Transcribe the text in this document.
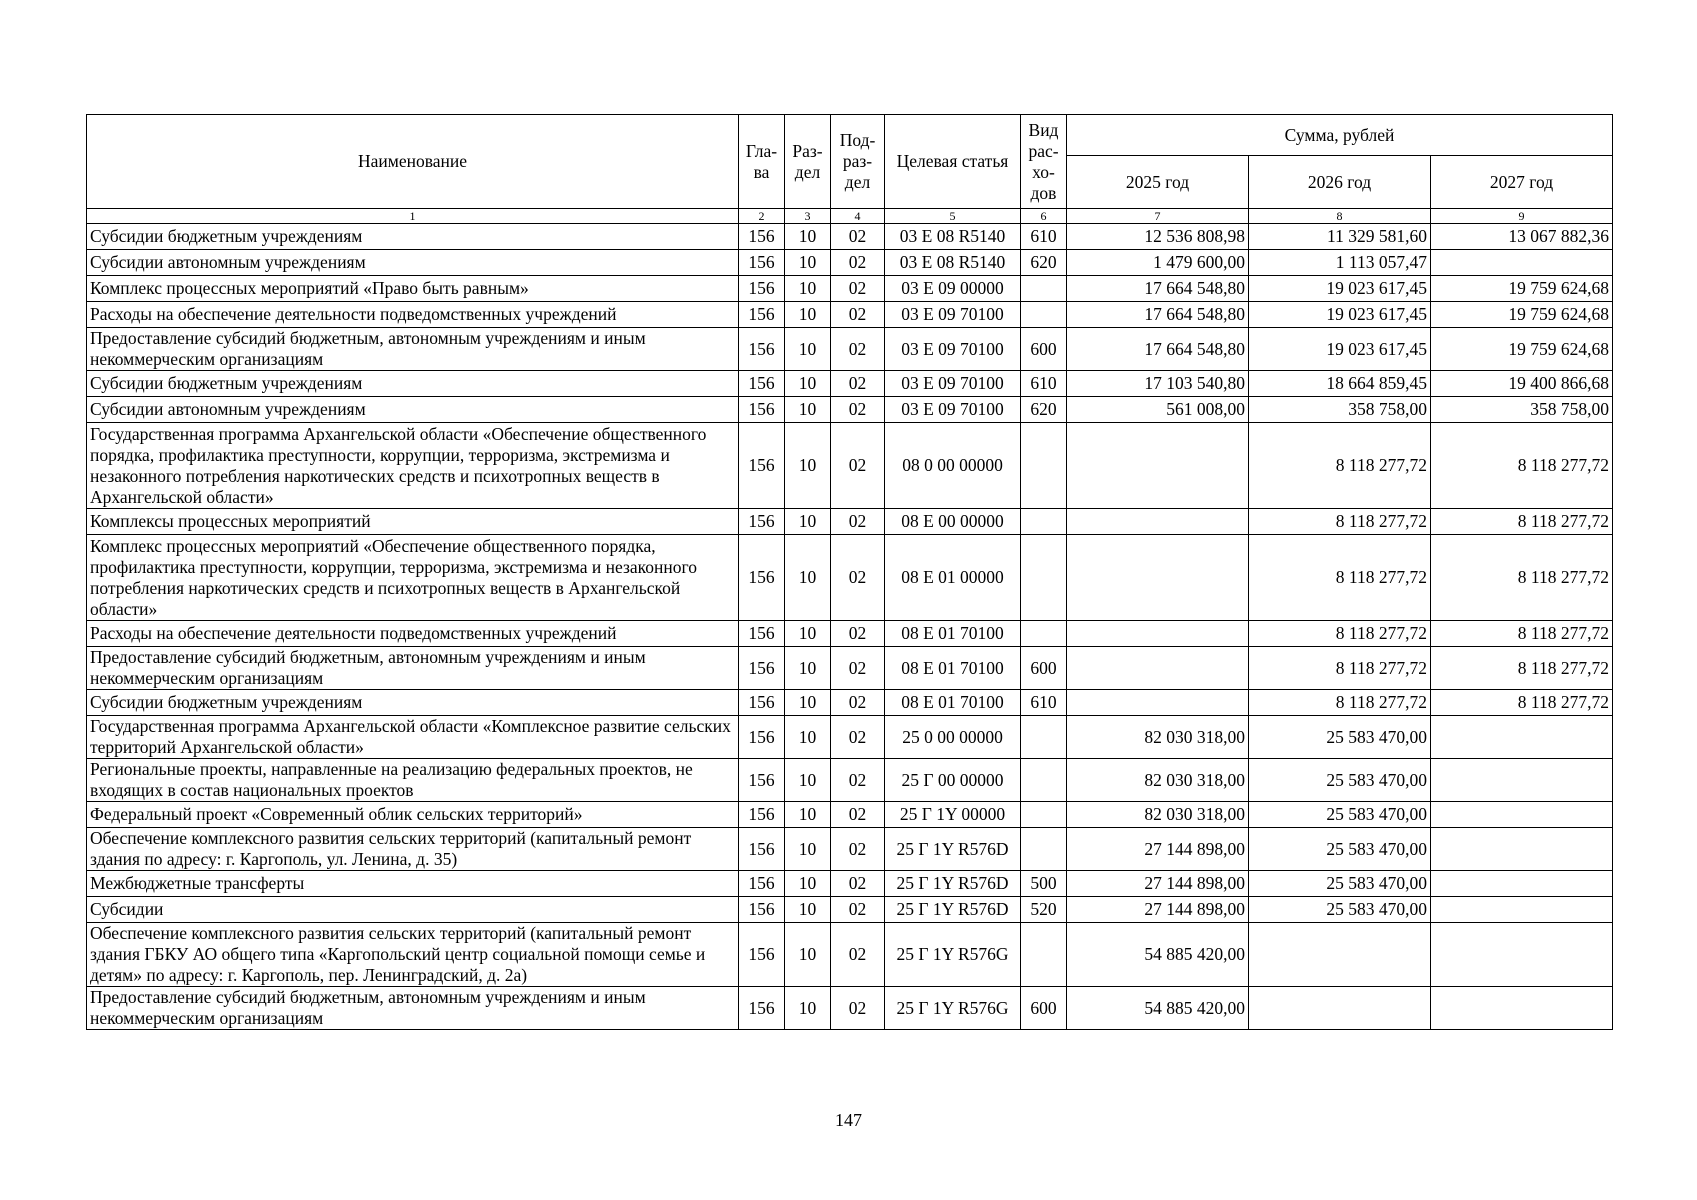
Наименование	Гла-ва	Раз-дел	Под-раз-дел	Целевая статья	Вид рас-хо-дов	Сумма, рублей		
						2025 год	2026 год	2027 год
1	2	3	4	5	6	7	8	9
Субсидии бюджетным учреждениям	156	10	02	03 Е 08 R5140	610	12 536 808,98	11 329 581,60	13 067 882,36
Субсидии автономным учреждениям	156	10	02	03 Е 08 R5140	620	1 479 600,00	1 113 057,47	
Комплекс процессных мероприятий «Право быть равным»	156	10	02	03 Е 09 00000		17 664 548,80	19 023 617,45	19 759 624,68
Расходы на обеспечение деятельности подведомственных учреждений	156	10	02	03 Е 09 70100		17 664 548,80	19 023 617,45	19 759 624,68
Предоставление субсидий бюджетным, автономным учреждениям и иным некоммерческим организациям	156	10	02	03 Е 09 70100	600	17 664 548,80	19 023 617,45	19 759 624,68
Субсидии бюджетным учреждениям	156	10	02	03 Е 09 70100	610	17 103 540,80	18 664 859,45	19 400 866,68
Субсидии автономным учреждениям	156	10	02	03 Е 09 70100	620	561 008,00	358 758,00	358 758,00
Государственная программа Архангельской области «Обеспечение общественного порядка, профилактика преступности, коррупции, терроризма, экстремизма и незаконного потребления наркотических средств и психотропных веществ в Архангельской области»	156	10	02	08 0 00 00000			8 118 277,72	8 118 277,72
Комплексы процессных мероприятий	156	10	02	08 Е 00 00000			8 118 277,72	8 118 277,72
Комплекс процессных мероприятий «Обеспечение общественного порядка, профилактика преступности, коррупции, терроризма, экстремизма и незаконного потребления наркотических средств и психотропных веществ в Архангельской области»	156	10	02	08 Е 01 00000			8 118 277,72	8 118 277,72
Расходы на обеспечение деятельности подведомственных учреждений	156	10	02	08 Е 01 70100			8 118 277,72	8 118 277,72
Предоставление субсидий бюджетным, автономным учреждениям и иным некоммерческим организациям	156	10	02	08 Е 01 70100	600		8 118 277,72	8 118 277,72
Субсидии бюджетным учреждениям	156	10	02	08 Е 01 70100	610		8 118 277,72	8 118 277,72
Государственная программа Архангельской области «Комплексное развитие сельских территорий Архангельской области»	156	10	02	25 0 00 00000		82 030 318,00	25 583 470,00	
Региональные проекты, направленные на реализацию федеральных проектов, не входящих в состав национальных проектов	156	10	02	25 Г 00 00000		82 030 318,00	25 583 470,00	
Федеральный проект «Современный облик сельских территорий»	156	10	02	25 Г 1Y 00000		82 030 318,00	25 583 470,00	
Обеспечение комплексного развития сельских территорий (капитальный ремонт здания по адресу: г. Каргополь, ул. Ленина, д. 35)	156	10	02	25 Г 1Y R576D		27 144 898,00	25 583 470,00	
Межбюджетные трансферты	156	10	02	25 Г 1Y R576D	500	27 144 898,00	25 583 470,00	
Субсидии	156	10	02	25 Г 1Y R576D	520	27 144 898,00	25 583 470,00	
Обеспечение комплексного развития сельских территорий (капитальный ремонт здания ГБКУ АО общего типа «Каргопольский центр социальной помощи семье и детям» по адресу: г. Каргополь, пер. Ленинградский, д. 2а)	156	10	02	25 Г 1Y R576G		54 885 420,00		
Предоставление субсидий бюджетным, автономным учреждениям и иным некоммерческим организациям	156	10	02	25 Г 1Y R576G	600	54 885 420,00		
147
